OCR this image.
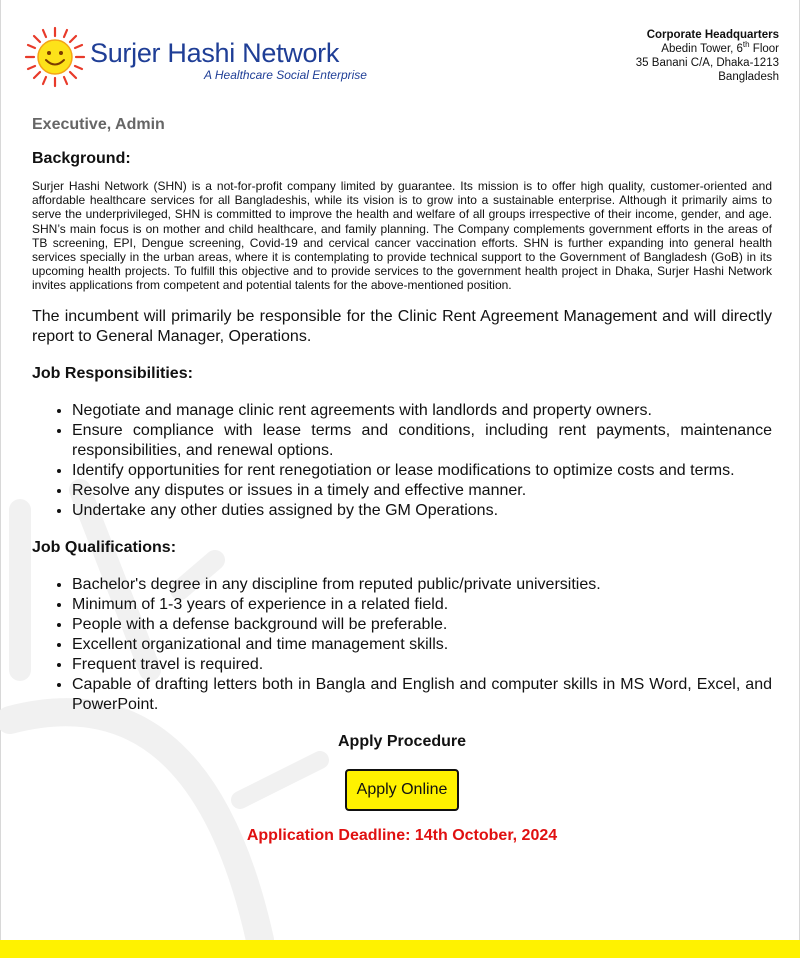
Surjer Hashi Network
A Healthcare Social Enterprise
Corporate Headquarters
Abedin Tower, 6th Floor
35 Banani C/A, Dhaka-1213
Bangladesh
Executive, Admin
Background:

Surjer Hashi Network (SHN) is a not-for-profit company limited by guarantee. Its mission is to offer high quality, customer-oriented and affordable healthcare services for all Bangladeshis, while its vision is to grow into a sustainable enterprise. Although it primarily aims to serve the underprivileged, SHN is committed to improve the health and welfare of all groups irrespective of their income, gender, and age. SHN’s main focus is on mother and child healthcare, and family planning. The Company complements government efforts in the areas of TB screening, EPI, Dengue screening, Covid-19 and cervical cancer vaccination efforts. SHN is further expanding into general health services specially in the urban areas, where it is contemplating to provide technical support to the Government of Bangladesh (GoB) in its upcoming health projects. To fulfill this objective and to provide services to the government health project in Dhaka, Surjer Hashi Network invites applications from competent and potential talents for the above-mentioned position.

The incumbent will primarily be responsible for the Clinic Rent Agreement Management and will directly report to General Manager, Operations.

Job Responsibilities:
• Negotiate and manage clinic rent agreements with landlords and property owners.
• Ensure compliance with lease terms and conditions, including rent payments, maintenance responsibilities, and renewal options.
• Identify opportunities for rent renegotiation or lease modifications to optimize costs and terms.
• Resolve any disputes or issues in a timely and effective manner.
• Undertake any other duties assigned by the GM Operations.
Job Qualifications:
• Bachelor's degree in any discipline from reputed public/private universities.
• Minimum of 1-3 years of experience in a related field.
• People with a defense background will be preferable.
• Excellent organizational and time management skills.
• Frequent travel is required.
• Capable of drafting letters both in Bangla and English and computer skills in MS Word, Excel, and PowerPoint.
Apply Procedure
Apply Online
Application Deadline: 14th October, 2024
